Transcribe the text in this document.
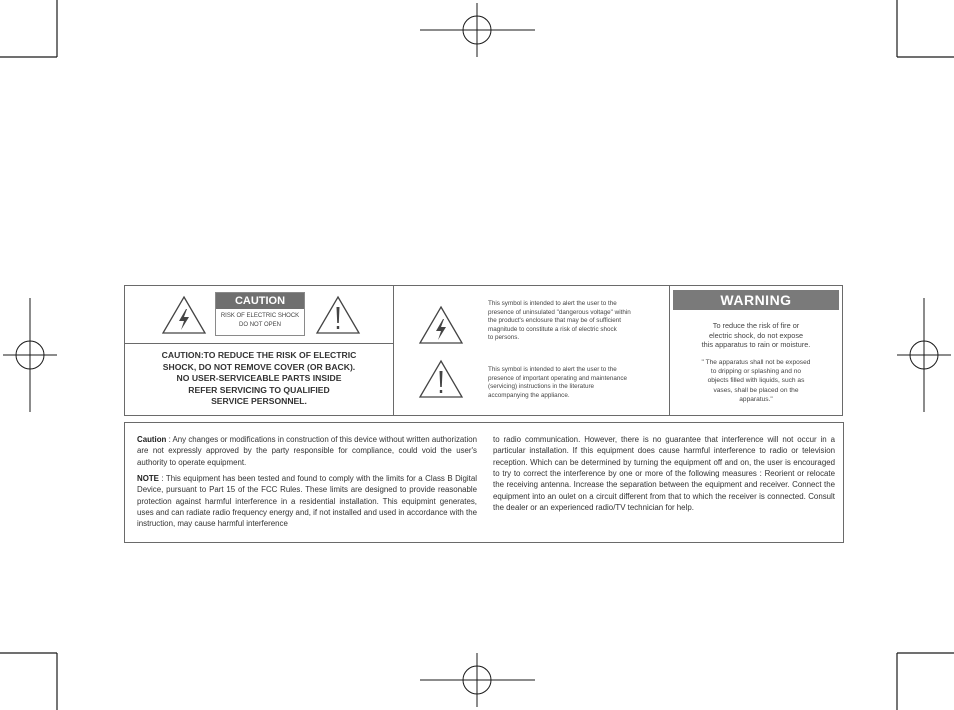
CAUTION
RISK OF ELECTRIC SHOCK
DO NOT OPEN
CAUTION:TO REDUCE THE RISK OF ELECTRIC
SHOCK, DO NOT REMOVE COVER (OR BACK).
NO USER-SERVICEABLE PARTS INSIDE
REFER SERVICING TO QUALIFIED
SERVICE PERSONNEL.
This symbol is intended to alert the user to the
presence of uninsulated "dangerous voltage" within
the product's enclosure that may be of sufficient
magnitude to constitute a risk of electric shock
to persons.
This symbol is intended to alert the user to the
presence of important operating and maintenance
(servicing) instructions in the literature
accompanying the appliance.
WARNING
To reduce the risk of fire or
electric shock, do not expose
this apparatus to rain or moisture.
" The apparatus shall not be exposed
to dripping or splashing and no
objects filled with liquids, such as
vases, shall be placed on the
apparatus."

Caution : Any changes or modifications in construction of this device without written authorization are not expressly approved by the party responsible for compliance, could void the user's authority to operate equipment.

NOTE : This equipment has been tested and found to comply with the limits for a Class B Digital Device, pursuant to Part 15 of the FCC Rules. These limits are designed to provide reasonable protection against harmful interference in a residential installation. This equipmint generates, uses and can radiate radio frequency energy and, if not installed and used in accordance with the instruction, may cause harmful interference

to radio communication. However, there is no guarantee that interference will not occur in a particular installation. If this equipment does cause harmful interference to radio or television reception. Which can be determined by turning the equipment off and on, the user is encouraged to try to correct the interference by one or more of the following measures : Reorient or relocate the receiving antenna. Increase the separation between the equipment and receiver. Connect the equipment into an oulet on a circuit different from that to which the receiver is connected. Consult the dealer or an experienced radio/TV technician for help.
